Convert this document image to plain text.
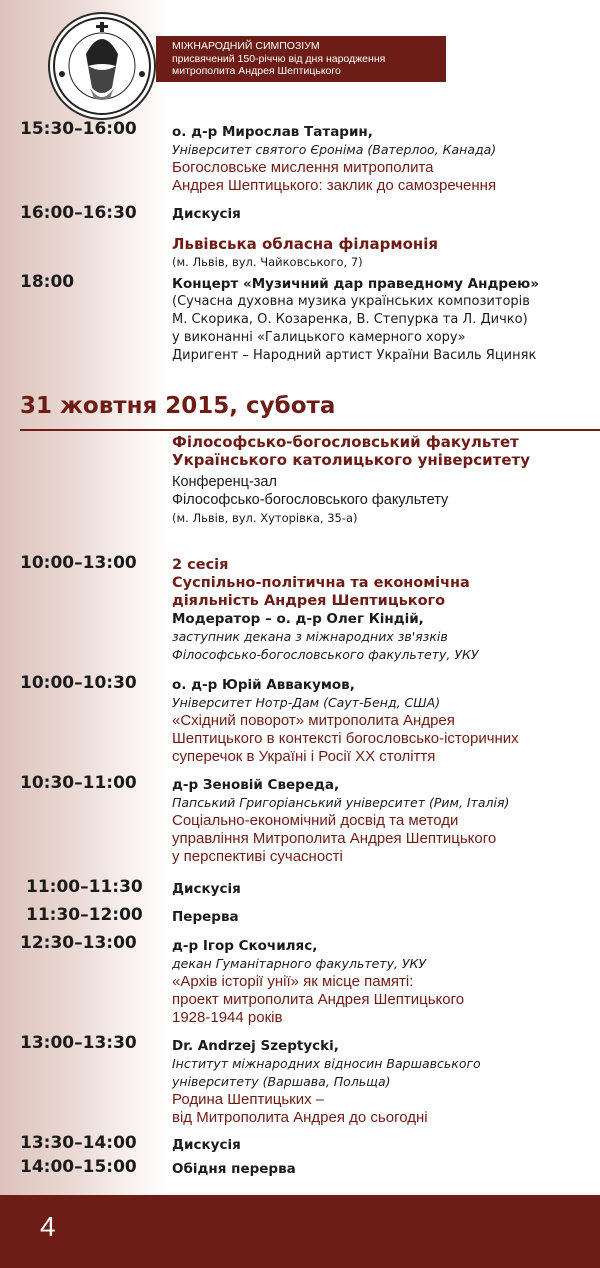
МІЖНАРОДНИЙ СИМПОЗІУМ
присвячений 150-річчю від дня народження
митрополита Андрея Шептицького
15:30–16:00	о. д-р Мирослав Татарин,
Університет святого Єроніма (Ватерлоо, Канада)
Богословське мислення митрополита
Андрея Шептицького: заклик до самозречення
16:00–16:30	Дискусія
Львівська обласна філармонія
(м. Львів, вул. Чайковського, 7)
18:00	Концерт «Музичний дар праведному Андрею»
(Сучасна духовна музика українських композиторів
М. Скорика, О. Козаренка, В. Степурка та Л. Дичко)
у виконанні «Галицького камерного хору»
Диригент – Народний артист України Василь Яциняк
31 жовтня 2015, субота
Філософсько-богословський факультет
Українського католицького університету
Конференц-зал
Філософсько-богословського факультету
(м. Львів, вул. Хуторівка, 35-а)
10:00–13:00 2 сесія
Суспільно-політична та економічна
діяльність Андрея Шептицького
Модератор – о. д-р Олег Кіндій,
заступник декана з міжнародних зв'язків
Філософсько-богословського факультету, УКУ
10:00–10:30	о. д-р Юрій Аввакумов,
Університет Нотр-Дам (Саут-Бенд, США)
«Східний поворот» митрополита Андрея
Шептицького в контексті богословсько-історичних
суперечок в Україні і Росії ХХ століття
10:30–11:00	д-р Зеновій Свереда,
Папський Григоріанський університет (Рим, Італія)
Соціально-економічний досвід та методи
управління Митрополита Андрея Шептицького
у перспективі сучасності
11:00–11:30 Дискусія
11:30–12:00 Перерва
12:30–13:00	д-р Ігор Скочиляс,
декан Гуманітарного факультету, УКУ
«Архів історії унії» як місце памяті:
проект митрополита Андрея Шептицького
1928-1944 років
13:00–13:30	Dr. Andrzej Szeptycki,
Інститут міжнародних відносин Варшавського
університету (Варшава, Польща)
Родина Шептицьких –
від Митрополита Андрея до сьогодні
13:30–14:00	Дискусія
14:00–15:00	Обідня перерва
4
